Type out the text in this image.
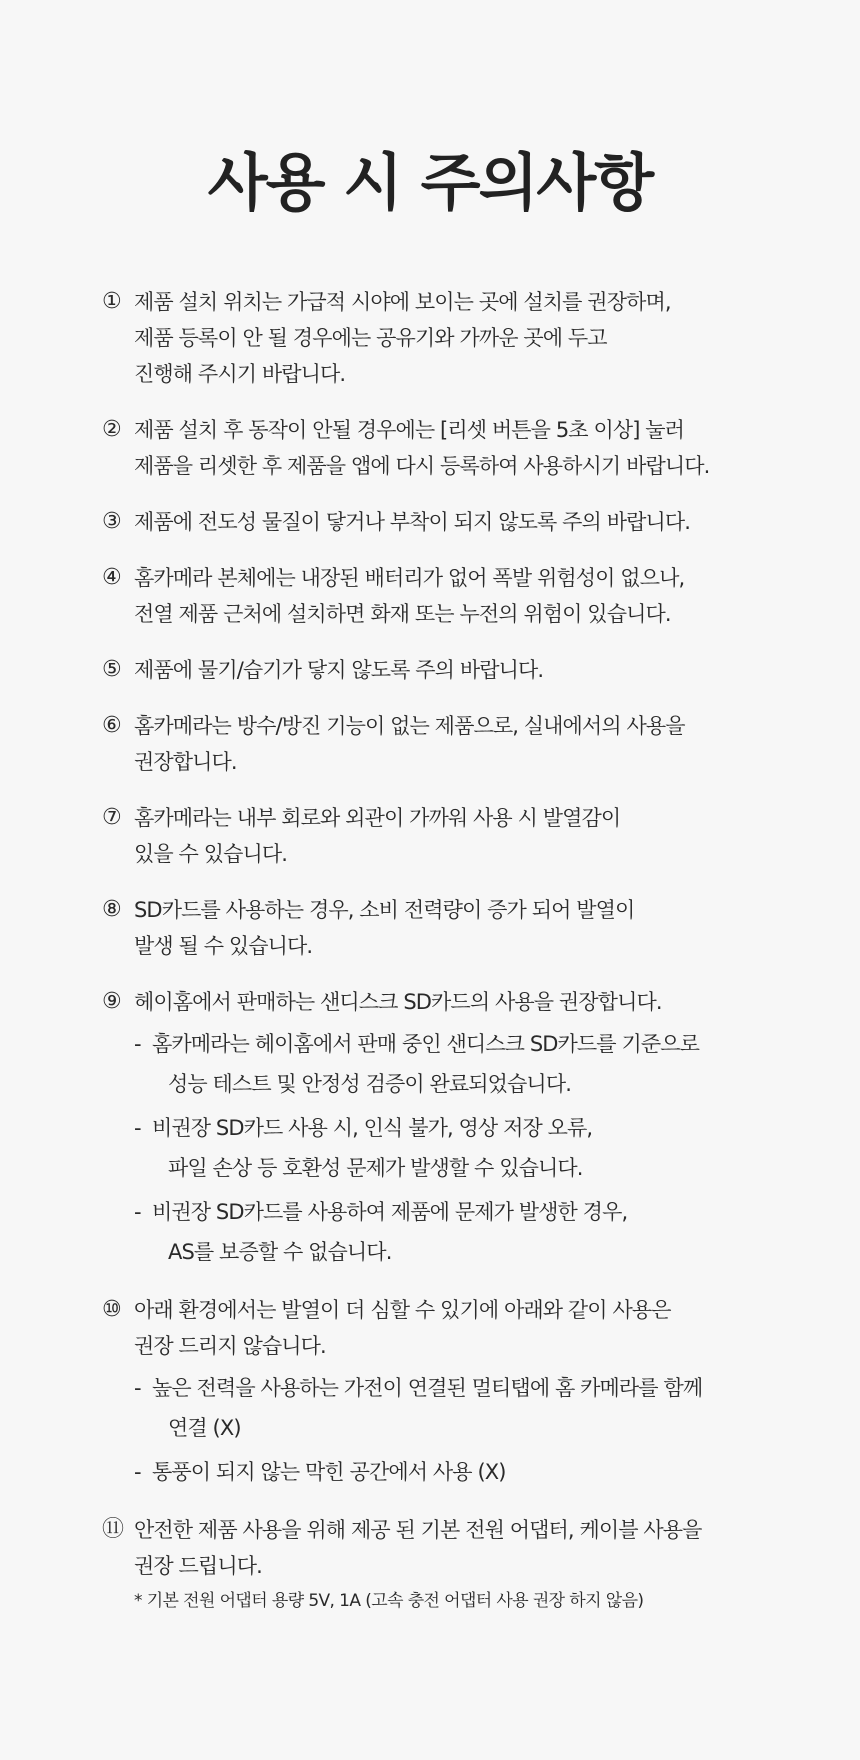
사용 시 주의사항
① 제품 설치 위치는 가급적 시야에 보이는 곳에 설치를 권장하며,
제품 등록이 안 될 경우에는 공유기와 가까운 곳에 두고
진행해 주시기 바랍니다.
② 제품 설치 후 동작이 안될 경우에는 [리셋 버튼을 5초 이상] 눌러
제품을 리셋한 후 제품을 앱에 다시 등록하여 사용하시기 바랍니다.
③ 제품에 전도성 물질이 닿거나 부착이 되지 않도록 주의 바랍니다.
④ 홈카메라 본체에는 내장된 배터리가 없어 폭발 위험성이 없으나,
전열 제품 근처에 설치하면 화재 또는 누전의 위험이 있습니다.
⑤ 제품에 물기/습기가 닿지 않도록 주의 바랍니다.
⑥ 홈카메라는 방수/방진 기능이 없는 제품으로, 실내에서의 사용을
권장합니다.
⑦ 홈카메라는 내부 회로와 외관이 가까워 사용 시 발열감이
있을 수 있습니다.
⑧ SD카드를 사용하는 경우, 소비 전력량이 증가 되어 발열이
발생 될 수 있습니다.
⑨ 헤이홈에서 판매하는 샌디스크 SD카드의 사용을 권장합니다.
- 홈카메라는 헤이홈에서 판매 중인 샌디스크 SD카드를 기준으로
성능 테스트 및 안정성 검증이 완료되었습니다.
- 비권장 SD카드 사용 시, 인식 불가, 영상 저장 오류,
파일 손상 등 호환성 문제가 발생할 수 있습니다.
- 비권장 SD카드를 사용하여 제품에 문제가 발생한 경우,
AS를 보증할 수 없습니다.
⑩ 아래 환경에서는 발열이 더 심할 수 있기에 아래와 같이 사용은
권장 드리지 않습니다.
- 높은 전력을 사용하는 가전이 연결된 멀티탭에 홈 카메라를 함께
연결 (X)
- 통풍이 되지 않는 막힌 공간에서 사용 (X)
⑪ 안전한 제품 사용을 위해 제공 된 기본 전원 어댑터, 케이블 사용을
권장 드립니다.
* 기본 전원 어댑터 용량 5V, 1A (고속 충전 어댑터 사용 권장 하지 않음)
